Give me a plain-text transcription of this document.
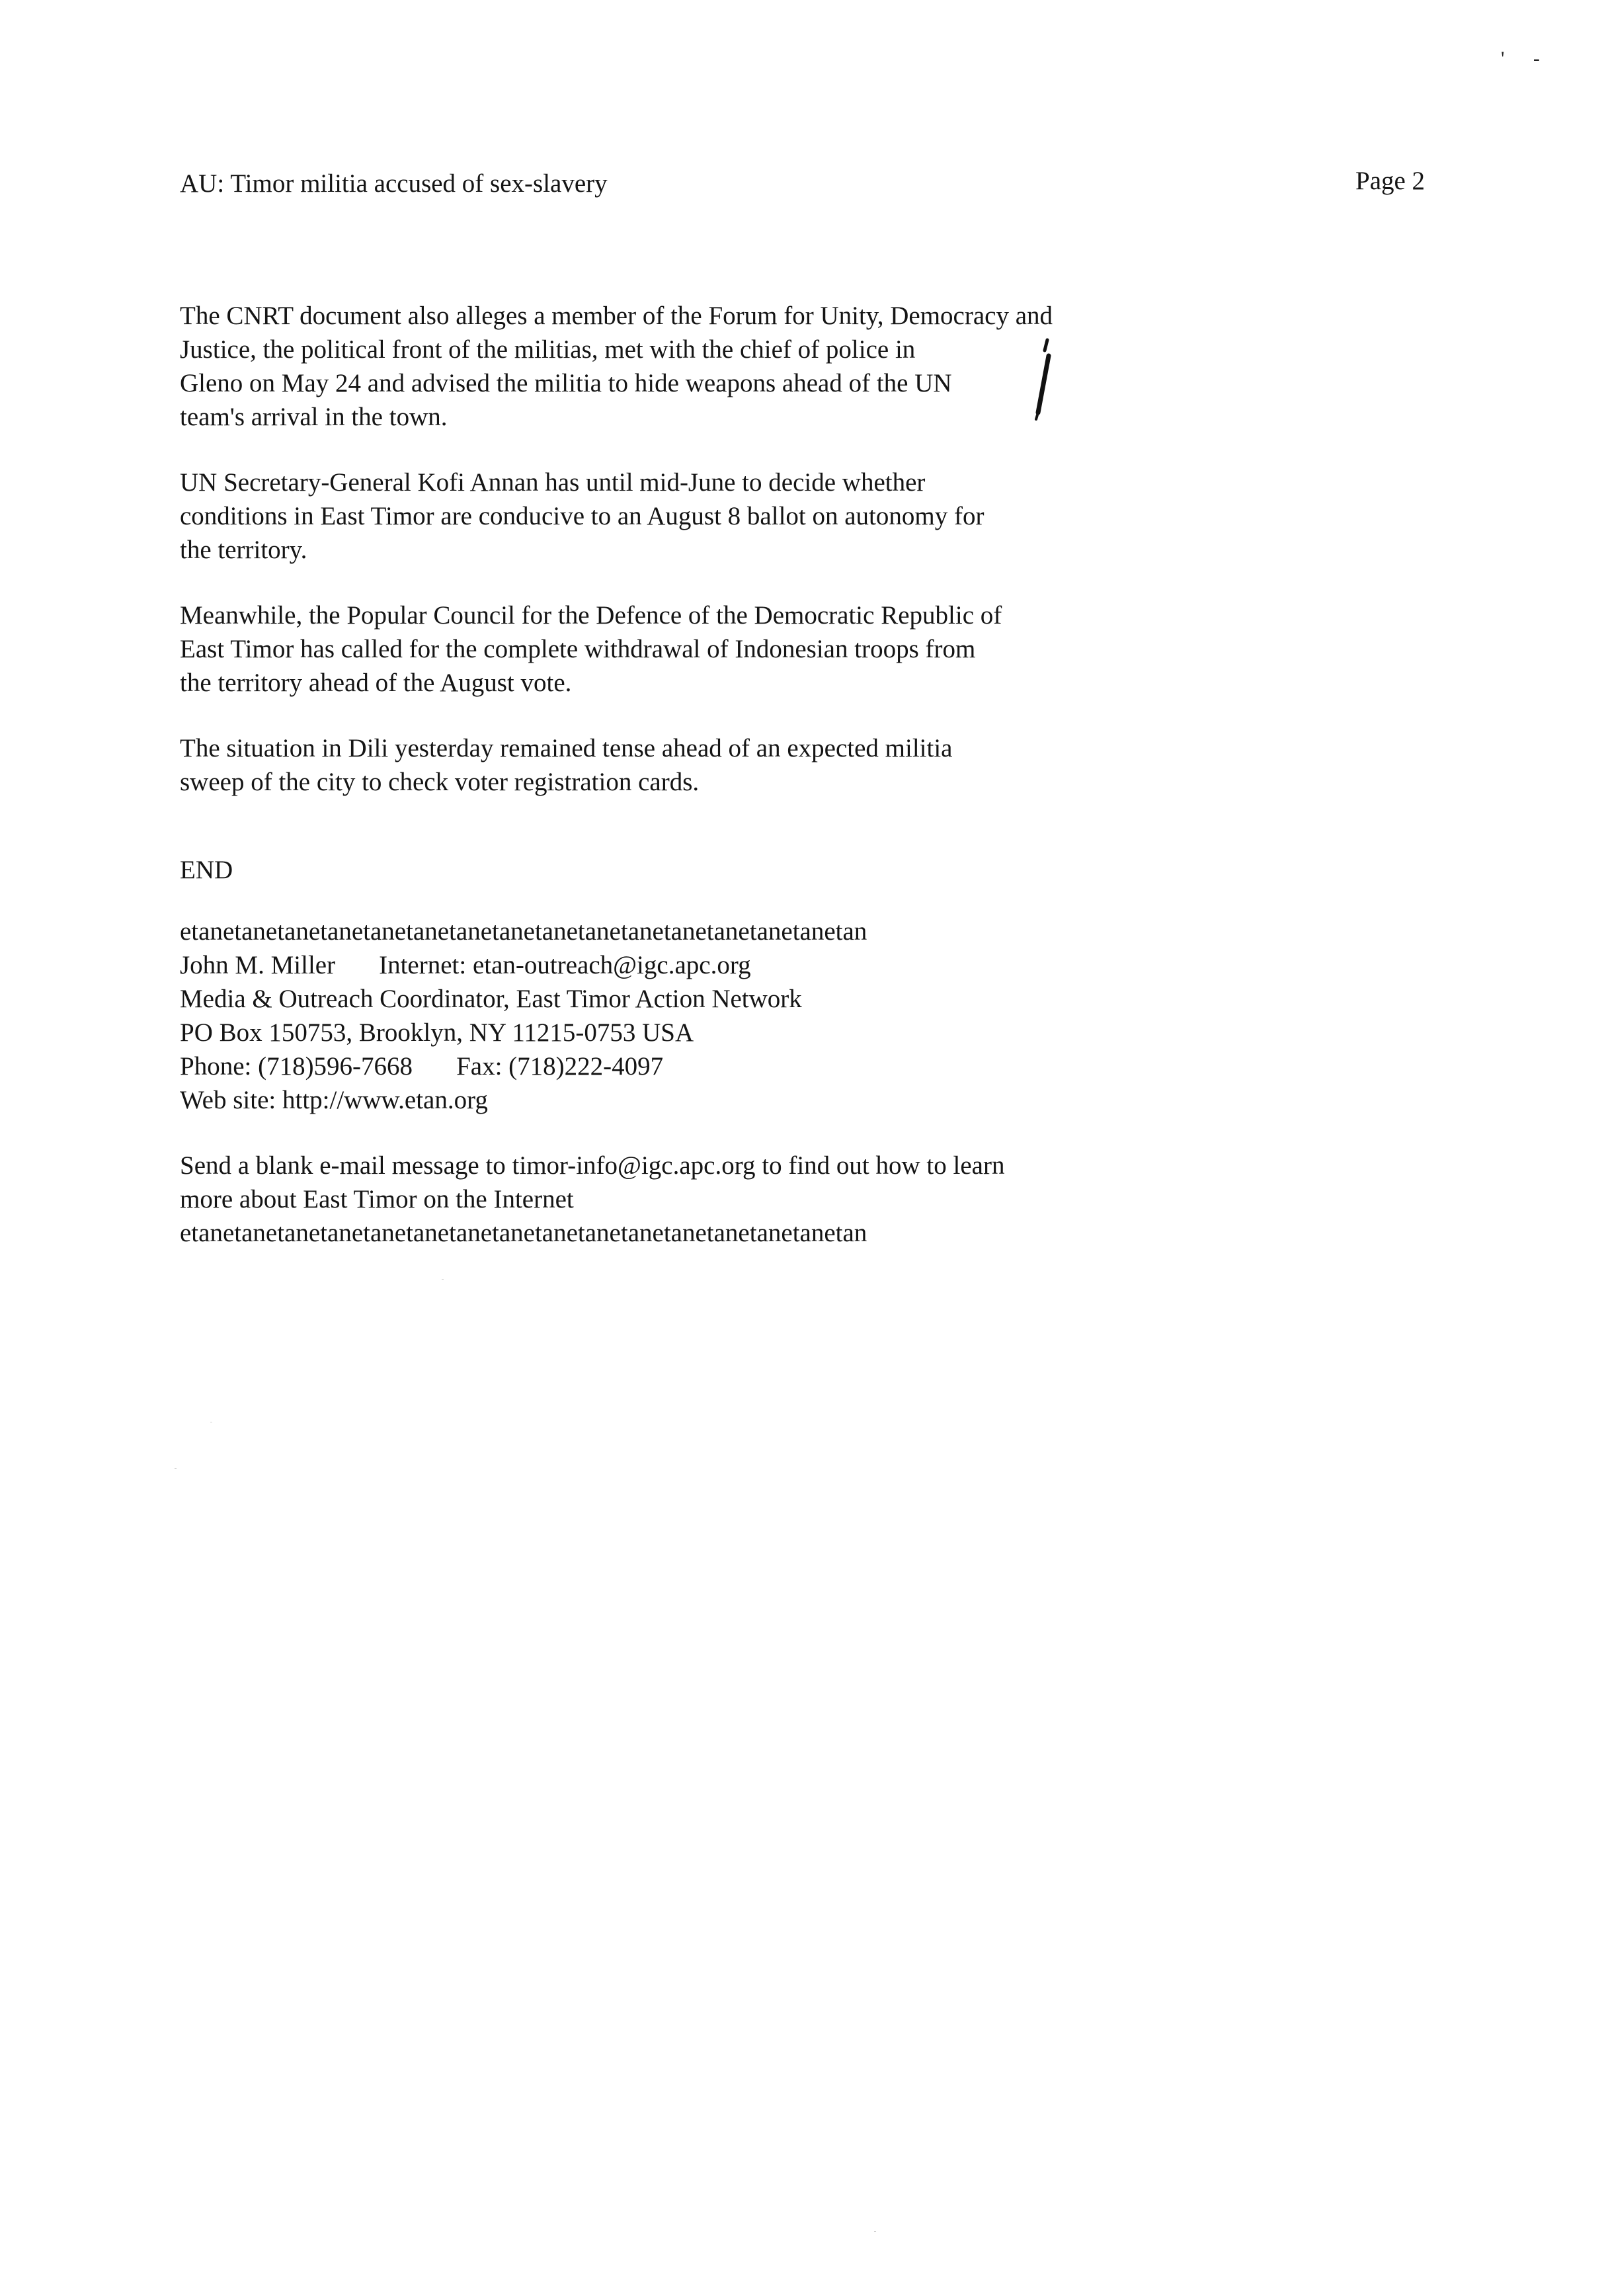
' -
AU: Timor militia accused of sex-slavery	Page 2
The CNRT document also alleges a member of the Forum for Unity, Democracy and
Justice, the political front of the militias, met with the chief of police in
Gleno on May 24 and advised the militia to hide weapons ahead of the UN
team's arrival in the town.
UN Secretary-General Kofi Annan has until mid-June to decide whether
conditions in East Timor are conducive to an August 8 ballot on autonomy for
the territory.
Meanwhile, the Popular Council for the Defence of the Democratic Republic of
East Timor has called for the complete withdrawal of Indonesian troops from
the territory ahead of the August vote.
The situation in Dili yesterday remained tense ahead of an expected militia
sweep of the city to check voter registration cards.
END
etanetanetanetanetanetanetanetanetanetanetanetanetanetanetanetan
John M. Miller Internet: etan-outreach@igc.apc.org
Media & Outreach Coordinator, East Timor Action Network
PO Box 150753, Brooklyn, NY 11215-0753 USA
Phone: (718)596-7668 Fax: (718)222-4097
Web site: http://www.etan.org
Send a blank e-mail message to timor-info@igc.apc.org to find out how to learn
more about East Timor on the Internet
etanetanetanetanetanetanetanetanetanetanetanetanetanetanetanetan
